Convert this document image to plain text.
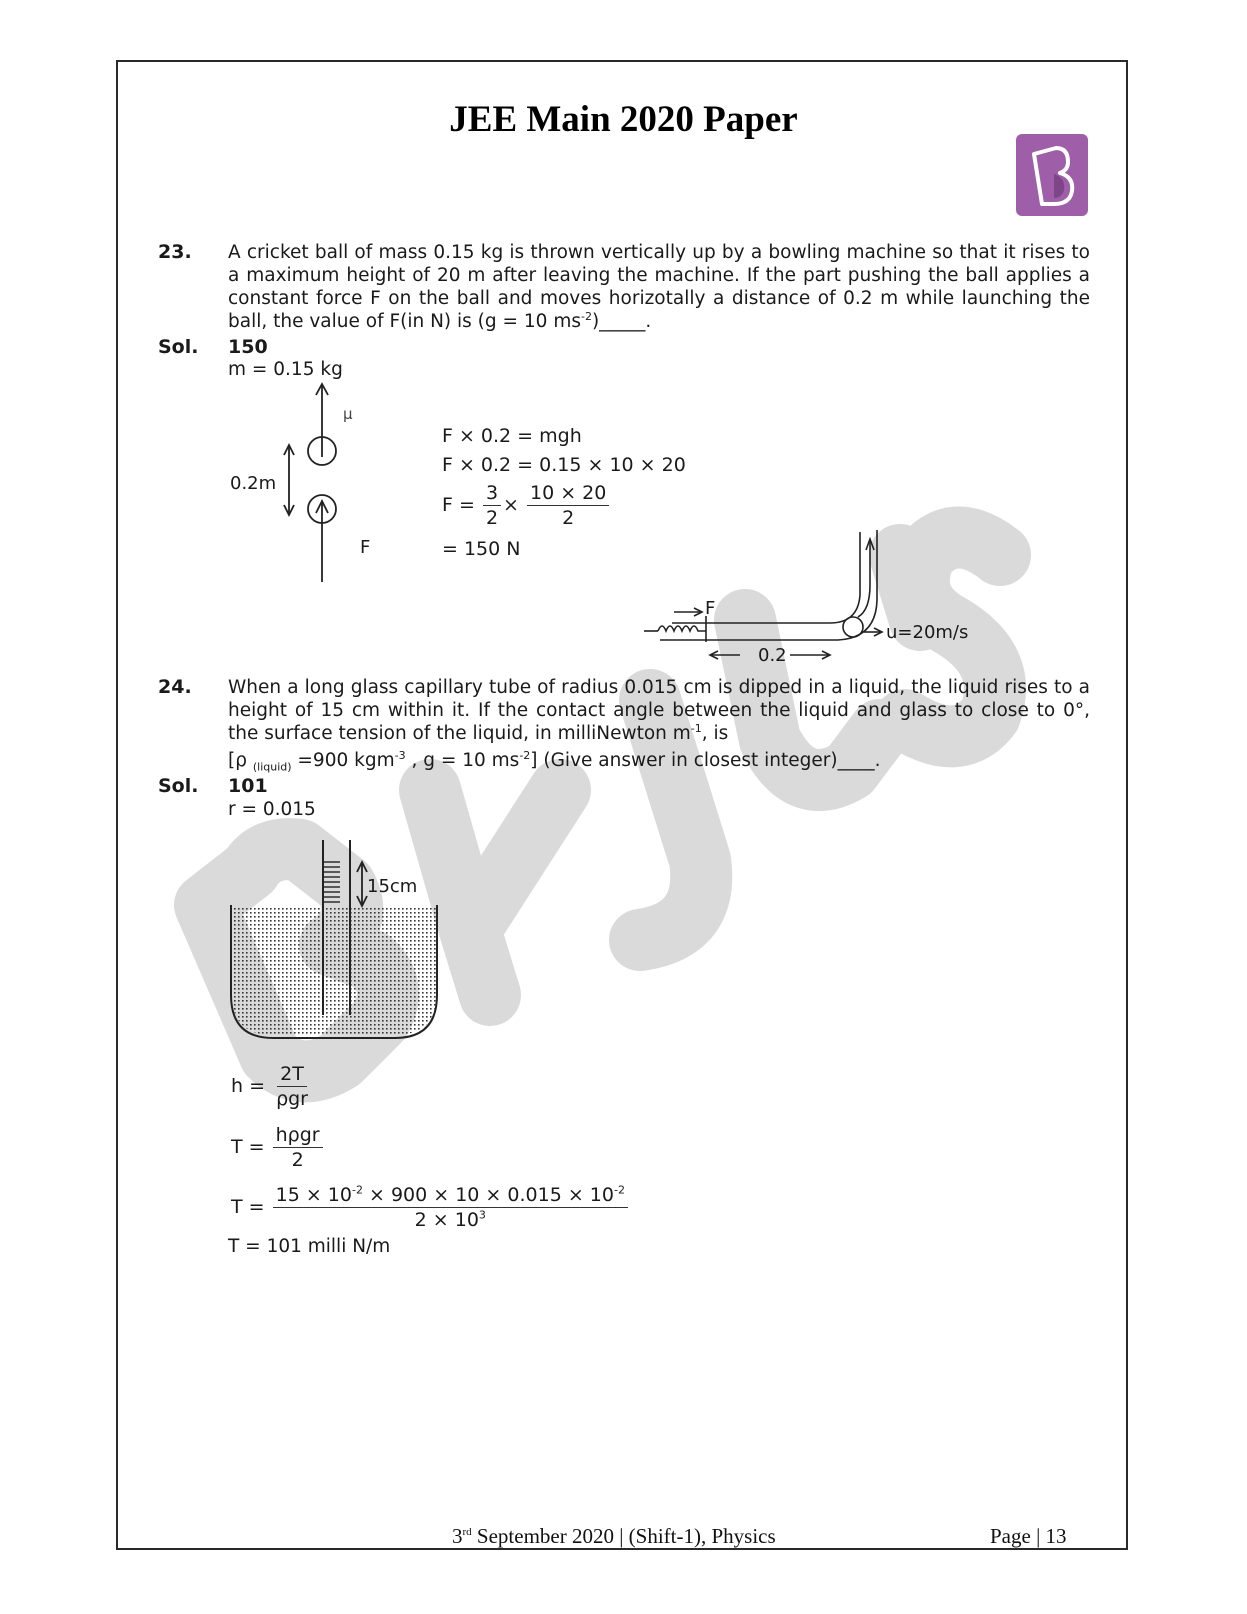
JEE Main 2020 Paper
23. A cricket ball of mass 0.15 kg is thrown vertically up by a bowling machine so that it rises to a maximum height of 20 m after leaving the machine. If the part pushing the ball applies a constant force F on the ball and moves horizotally a distance of 0.2 m while launching the ball, the value of F(in N) is (g = 10 $ms^{-2})\_\_\_\_\_$.
Sol. 150
m = 0.15 kg
μ
0.2m
F
F × 0.2 = mgh
F × 0.2 = 0.15 × 10 × 20
$F = \frac{3}{2} \times \frac{10 \times 20}{2}$
= 150 N
F
0.2
u=20m/s
24. When a long glass capillary tube of radius 0.015 cm is dipped in a liquid, the liquid rises to a height of 15 cm within it. If the contact angle between the liquid and glass to close to 0°, the surface tension of the liquid, in milliNewton $m^{-1}$, is
[ρ $_{(liquid)}$ =900 kgm$^{-3}$ , g = 10 $ms^{-2}$] (Give answer in closest integer)____.
Sol. 101
r = 0.015
15cm
$h = \frac{2T}{\text{ρgr}}$
$T = \frac{\text{hρgr}}{2}$
$T = \frac{15 \times 10^{-2} \times 900 \times 10 \times 0.015 \times 10^{-2}}{2 \times 10^3}$
T = 101 milli N/m
3rd September 2020 | (Shift-1), Physics	Page | 13
